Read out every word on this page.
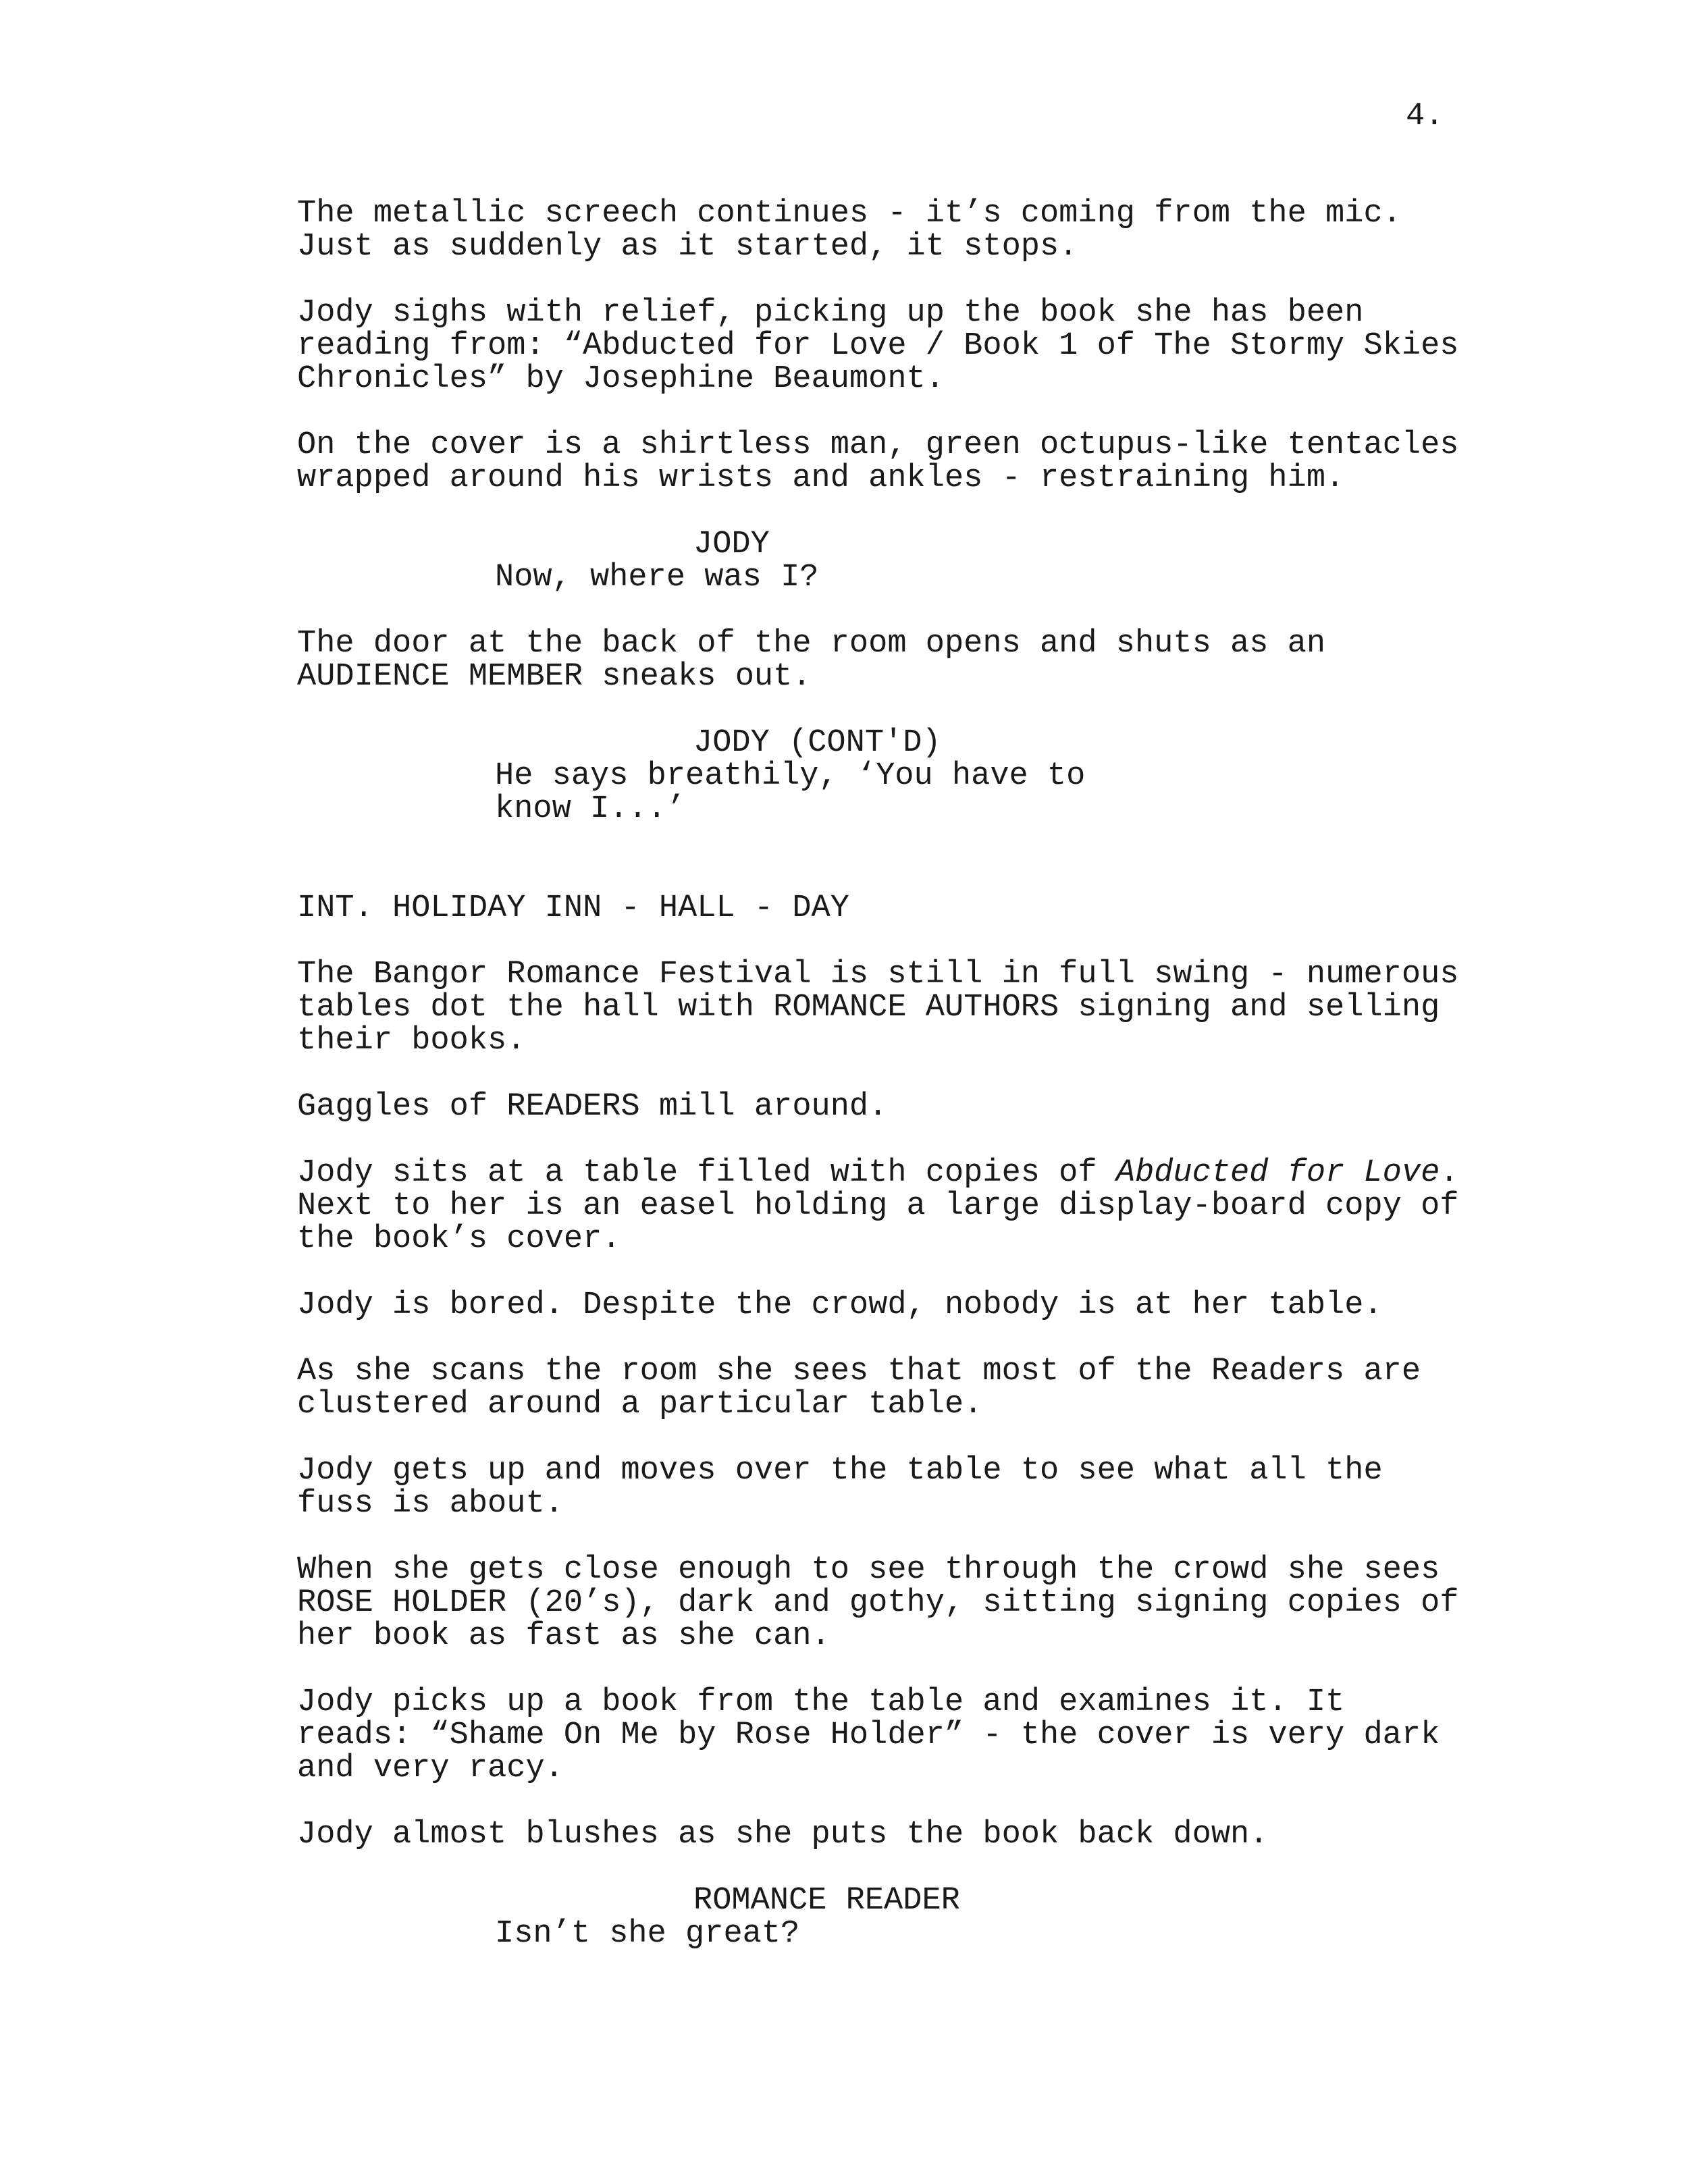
4.

The metallic screech continues - it’s coming from the mic.
Just as suddenly as it started, it stops.

Jody sighs with relief, picking up the book she has been
reading from: “Abducted for Love / Book 1 of The Stormy Skies
Chronicles” by Josephine Beaumont.

On the cover is a shirtless man, green octupus-like tentacles
wrapped around his wrists and ankles - restraining him.

JODY

Now, where was I?

The door at the back of the room opens and shuts as an
AUDIENCE MEMBER sneaks out.

JODY (CONT'D)

He says breathily, ‘You have to
know I...’

INT. HOLIDAY INN - HALL - DAY

The Bangor Romance Festival is still in full swing - numerous
tables dot the hall with ROMANCE AUTHORS signing and selling
their books.

Gaggles of READERS mill around.

Jody sits at a table filled with copies of Abducted for Love.
Next to her is an easel holding a large display-board copy of
the book’s cover.

Jody is bored. Despite the crowd, nobody is at her table.

As she scans the room she sees that most of the Readers are
clustered around a particular table.

Jody gets up and moves over the table to see what all the
fuss is about.

When she gets close enough to see through the crowd she sees
ROSE HOLDER (20’s), dark and gothy, sitting signing copies of
her book as fast as she can.

Jody picks up a book from the table and examines it. It
reads: “Shame On Me by Rose Holder” - the cover is very dark
and very racy.

Jody almost blushes as she puts the book back down.

ROMANCE READER

Isn’t she great?
